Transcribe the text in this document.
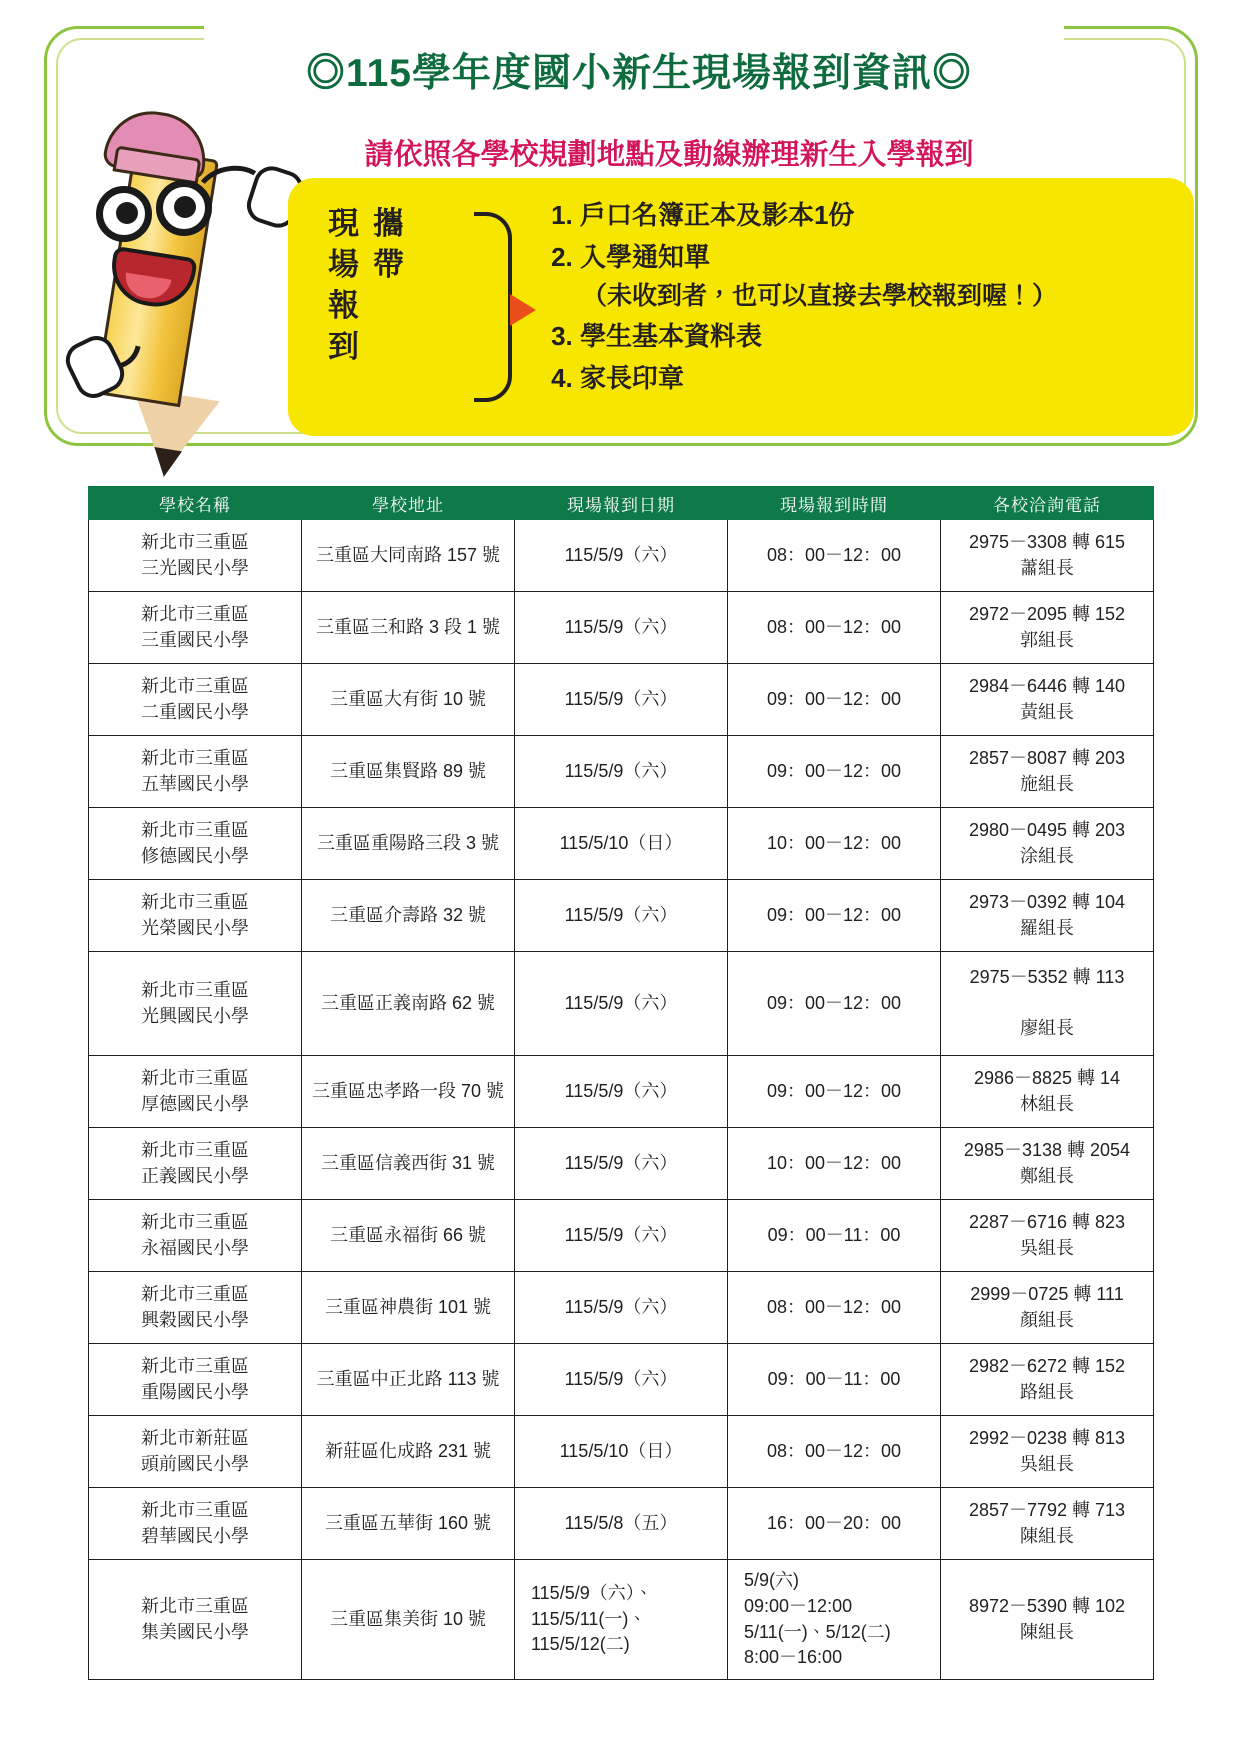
◎115學年度國小新生現場報到資訊◎
請依照各學校規劃地點及動線辦理新生入學報到
現
場
報
到
攜
帶
1. 戶口名簿正本及影本1份
2. 入學通知單
（未收到者，也可以直接去學校報到喔！）
3. 學生基本資料表
4. 家長印章
學校名稱	學校地址	現場報到日期	現場報到時間	各校洽詢電話

新北市三重區
三光國民小學	三重區大同南路 157 號	115/5/9（六）	08：00－12：00	2975－3308 轉 615
蕭組長

新北市三重區
三重國民小學	三重區三和路 3 段 1 號	115/5/9（六）	08：00－12：00	2972－2095 轉 152
郭組長

新北市三重區
二重國民小學	三重區大有街 10 號	115/5/9（六）	09：00－12：00	2984－6446 轉 140
黃組長

新北市三重區
五華國民小學	三重區集賢路 89 號	115/5/9（六）	09：00－12：00	2857－8087 轉 203
施組長

新北市三重區
修德國民小學	三重區重陽路三段 3 號	115/5/10（日）	10：00－12：00	2980－0495 轉 203
涂組長

新北市三重區
光榮國民小學	三重區介壽路 32 號	115/5/9（六）	09：00－12：00	2973－0392 轉 104
羅組長

新北市三重區
光興國民小學	三重區正義南路 62 號	115/5/9（六）	09：00－12：00	2975－5352 轉 113

廖組長

新北市三重區
厚德國民小學	三重區忠孝路一段 70 號	115/5/9（六）	09：00－12：00	2986－8825 轉 14
林組長

新北市三重區
正義國民小學	三重區信義西街 31 號	115/5/9（六）	10：00－12：00	2985－3138 轉 2054
鄭組長

新北市三重區
永福國民小學	三重區永福街 66 號	115/5/9（六）	09：00－11：00	2287－6716 轉 823
吳組長

新北市三重區
興穀國民小學	三重區神農街 101 號	115/5/9（六）	08：00－12：00	2999－0725 轉 111
顏組長

新北市三重區
重陽國民小學	三重區中正北路 113 號	115/5/9（六）	09：00－11：00	2982－6272 轉 152
路組長

新北市新莊區
頭前國民小學	新莊區化成路 231 號	115/5/10（日）	08：00－12：00	2992－0238 轉 813
吳組長

新北市三重區
碧華國民小學	三重區五華街 160 號	115/5/8（五）	16：00－20：00	2857－7792 轉 713
陳組長

新北市三重區
集美國民小學	三重區集美街 10 號	115/5/9（六）、
115/5/11(一)、
115/5/12(二)	5/9(六)
09:00－12:00
5/11(一)、5/12(二)
8:00－16:00	8972－5390 轉 102
陳組長
